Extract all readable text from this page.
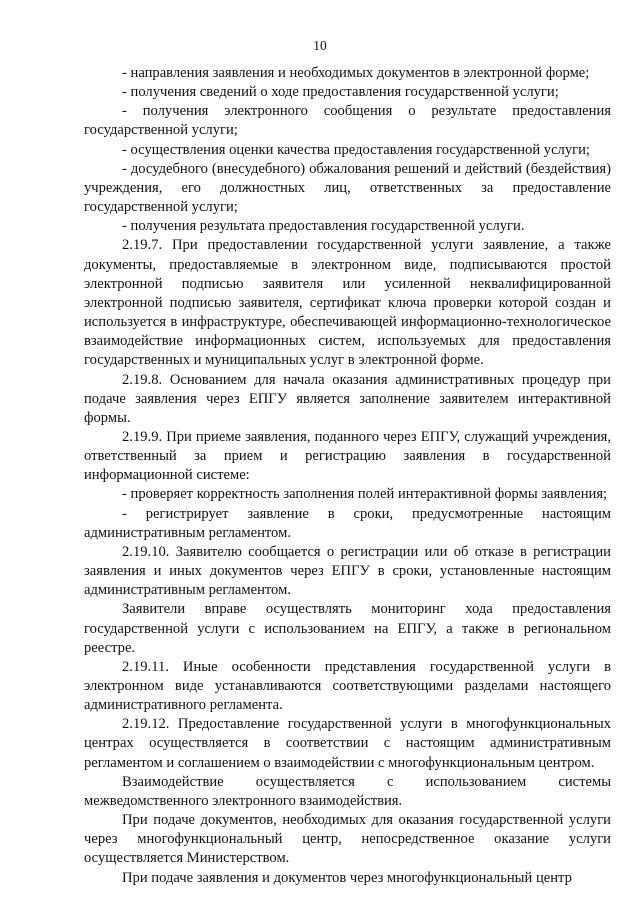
10

- направления заявления и необходимых документов в электронной форме;

- получения сведений о ходе предоставления государственной услуги;

- получения электронного сообщения о результате предоставления государственной услуги;

- осуществления оценки качества предоставления государственной услуги;

- досудебного (внесудебного) обжалования решений и действий (бездействия) учреждения, его должностных лиц, ответственных за предоставление государственной услуги;

- получения результата предоставления государственной услуги.

2.19.7. При предоставлении государственной услуги заявление, а также документы, предоставляемые в электронном виде, подписываются простой электронной подписью заявителя или усиленной неквалифицированной электронной подписью заявителя, сертификат ключа проверки которой создан и используется в инфраструктуре, обеспечивающей информационно-технологическое взаимодействие информационных систем, используемых для предоставления государственных и муниципальных услуг в электронной форме.

2.19.8. Основанием для начала оказания административных процедур при подаче заявления через ЕПГУ является заполнение заявителем интерактивной формы.

2.19.9. При приеме заявления, поданного через ЕПГУ, служащий учреждения, ответственный за прием и регистрацию заявления в государственной информационной системе:

- проверяет корректность заполнения полей интерактивной формы заявления;

- регистрирует заявление в сроки, предусмотренные настоящим административным регламентом.

2.19.10. Заявителю сообщается о регистрации или об отказе в регистрации заявления и иных документов через ЕПГУ в сроки, установленные настоящим административным регламентом.

Заявители вправе осуществлять мониторинг хода предоставления государственной услуги с использованием на ЕПГУ, а также в региональном реестре.

2.19.11. Иные особенности представления государственной услуги в электронном виде устанавливаются соответствующими разделами настоящего административного регламента.

2.19.12. Предоставление государственной услуги в многофункциональных центрах осуществляется в соответствии с настоящим административным регламентом и соглашением о взаимодействии с многофункциональным центром.

Взаимодействие осуществляется с использованием системы межведомственного электронного взаимодействия.

При подаче документов, необходимых для оказания государственной услуги через многофункциональный центр, непосредственное оказание услуги осуществляется Министерством.

При подаче заявления и документов через многофункциональный центр
